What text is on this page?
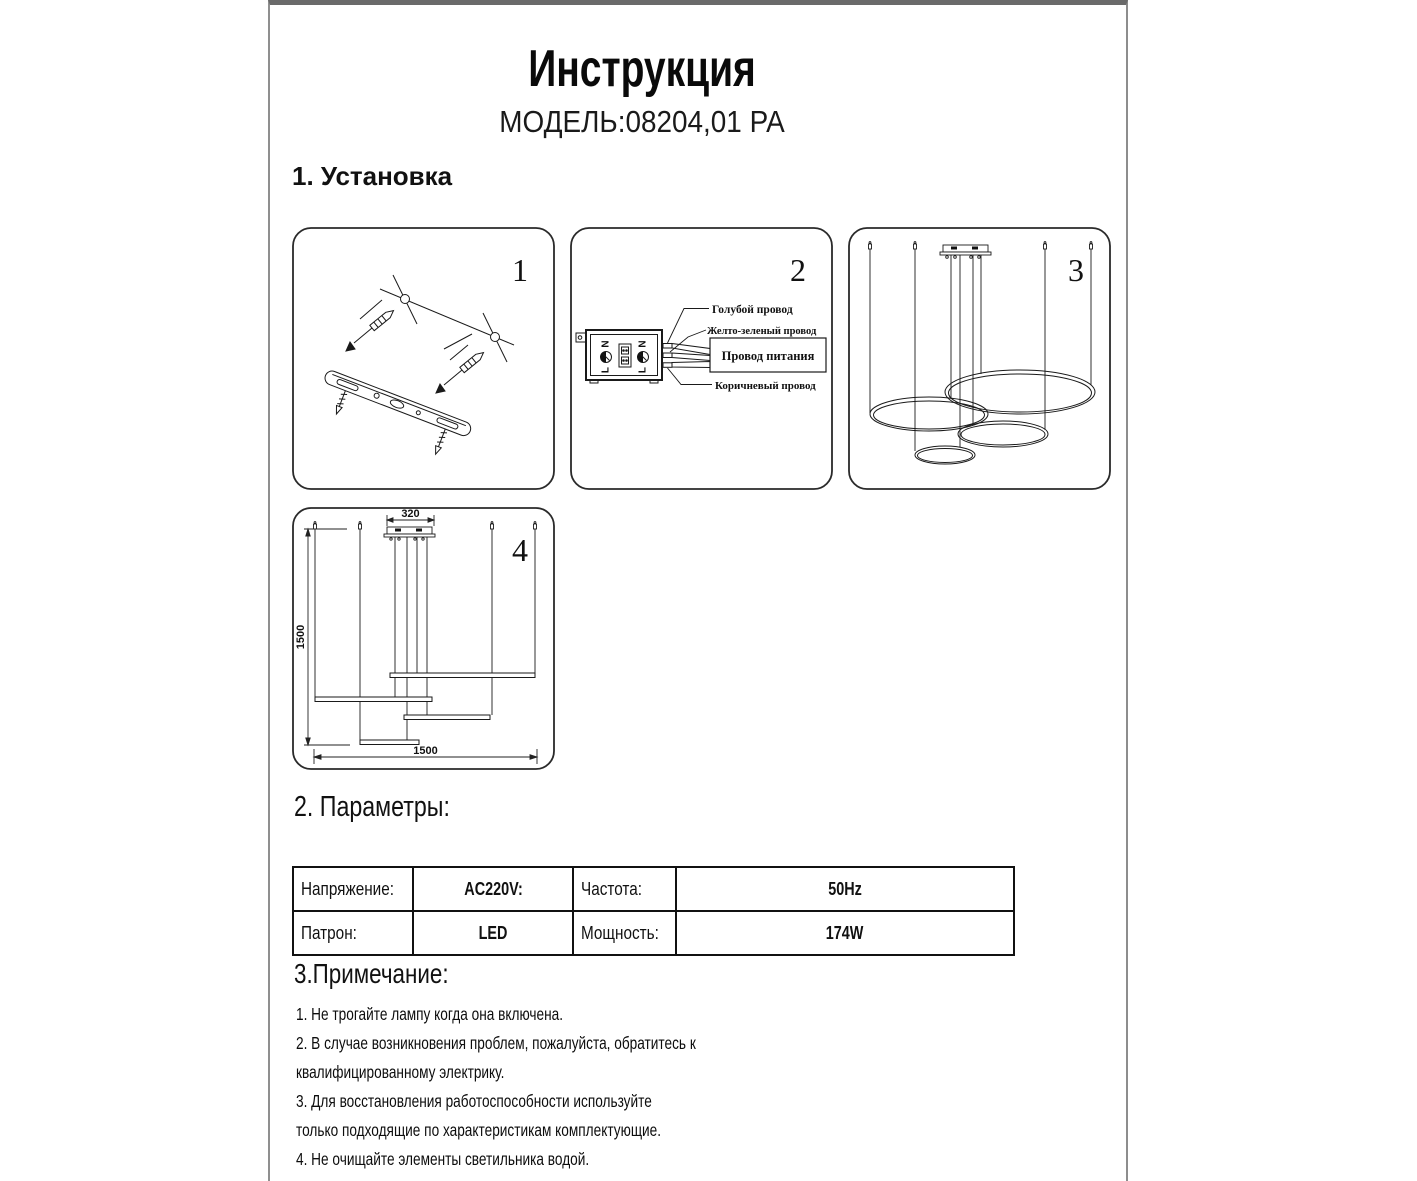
Инструкция
МОДЕЛЬ:08204,01 PA
1. Установка
1	2
N
L
N
L
Провод питания
Голубой провод
Желто-зеленый провод
Коричневый провод
3
4
320
1500
1500
2. Параметры:
Напряжение:	AC220V:	Частота:	50Hz
Патрон:	LED	Мощность:	174W
3.Примечание:
1. Не трогайте лампу когда она включена.
2. В случае возникновения проблем, пожалуйста, обратитесь к
квалифицированному электрику.
3. Для восстановления работоспособности используйте
только подходящие по характеристикам комплектующие.
4. Не очищайте элементы светильника водой.
